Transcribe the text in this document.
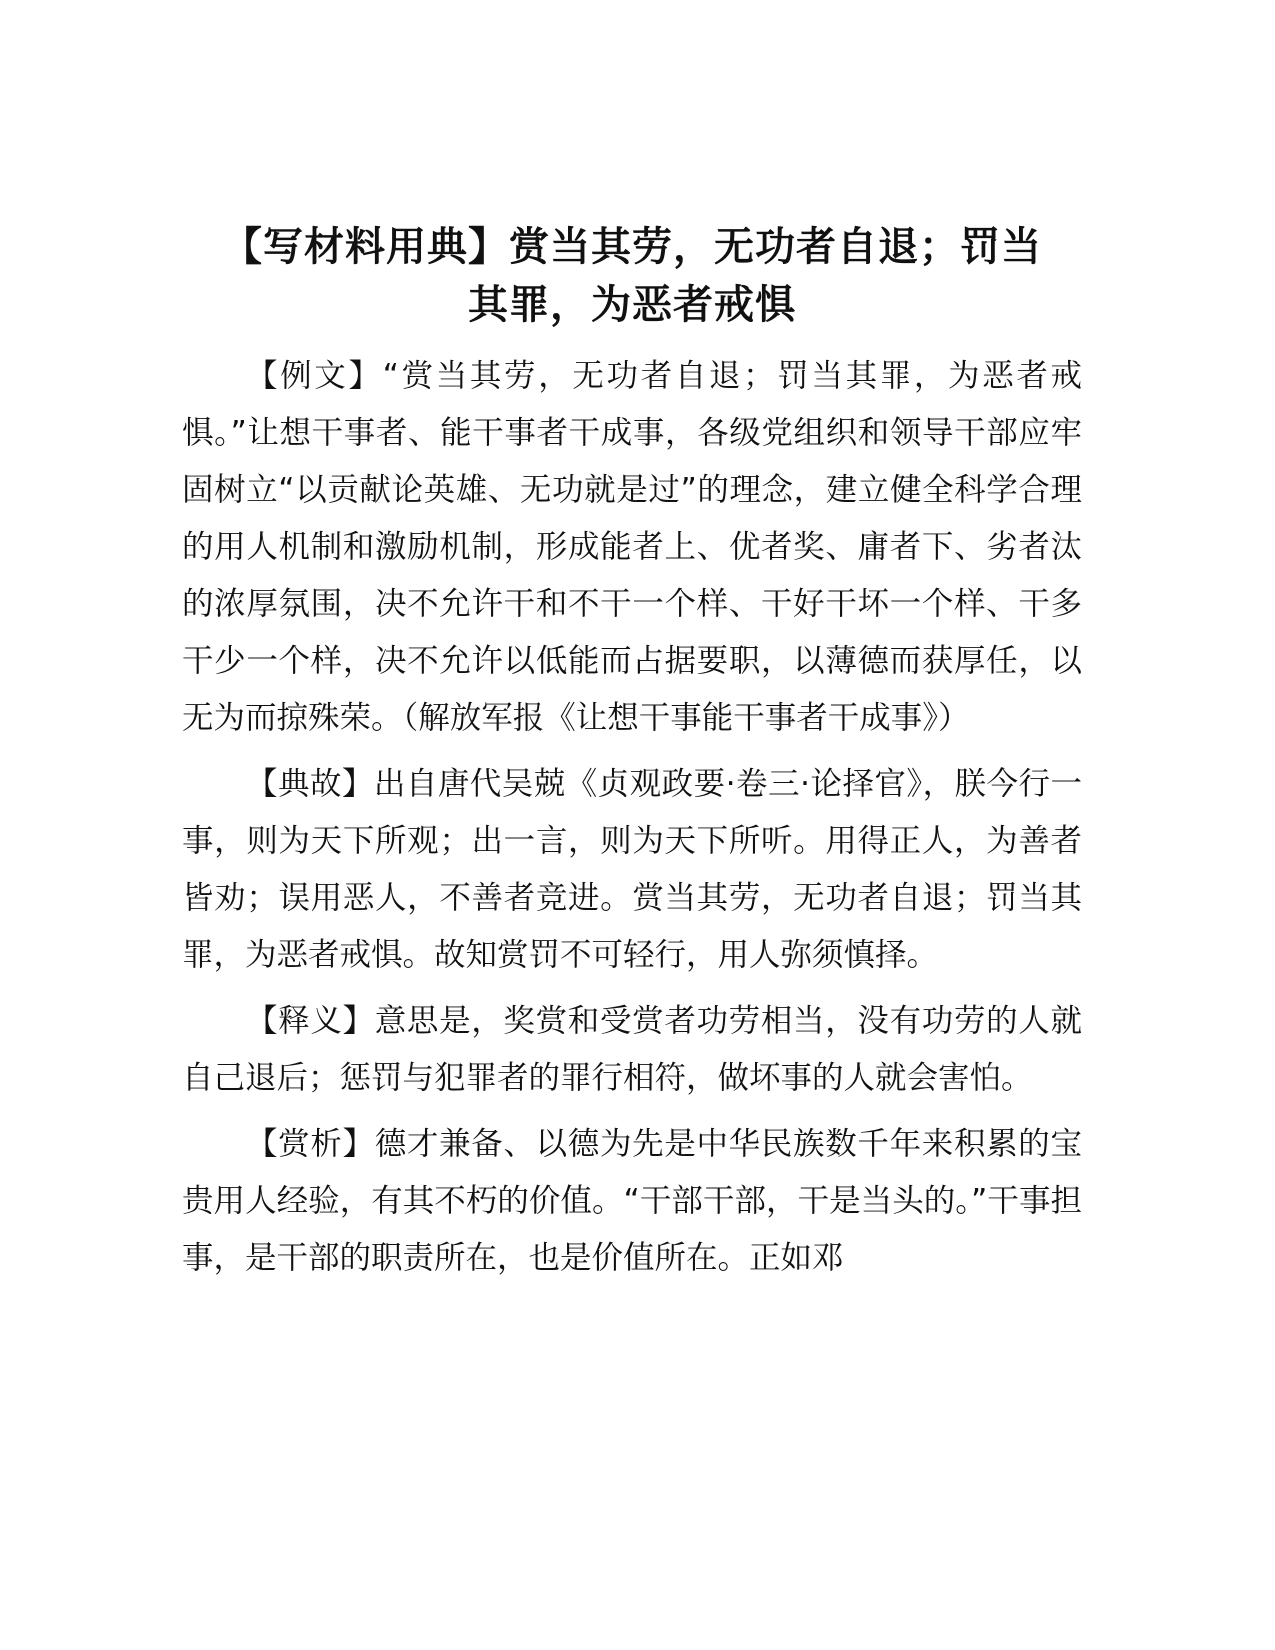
【写材料用典】赏当其劳，无功者自退；罚当
其罪，为恶者戒惧

【例文】“赏当其劳，无功者自退；罚当其罪，为恶者戒惧。”让想干事者、能干事者干成事，各级党组织和领导干部应牢固树立“以贡献论英雄、无功就是过”的理念，建立健全科学合理的用人机制和激励机制，形成能者上、优者奖、庸者下、劣者汰的浓厚氛围，决不允许干和不干一个样、干好干坏一个样、干多干少一个样，决不允许以低能而占据要职，以薄德而获厚任，以无为而掠殊荣。（解放军报《让想干事能干事者干成事》）

【典故】出自唐代吴兢《贞观政要·卷三·论择官》，朕今行一事，则为天下所观；出一言，则为天下所听。用得正人，为善者皆劝；误用恶人，不善者竞进。赏当其劳，无功者自退；罚当其罪，为恶者戒惧。故知赏罚不可轻行，用人弥须慎择。

【释义】意思是，奖赏和受赏者功劳相当，没有功劳的人就自己退后；惩罚与犯罪者的罪行相符，做坏事的人就会害怕。

【赏析】德才兼备、以德为先是中华民族数千年来积累的宝贵用人经验，有其不朽的价值。“干部干部，干是当头的。”干事担事，是干部的职责所在，也是价值所在。正如邓
